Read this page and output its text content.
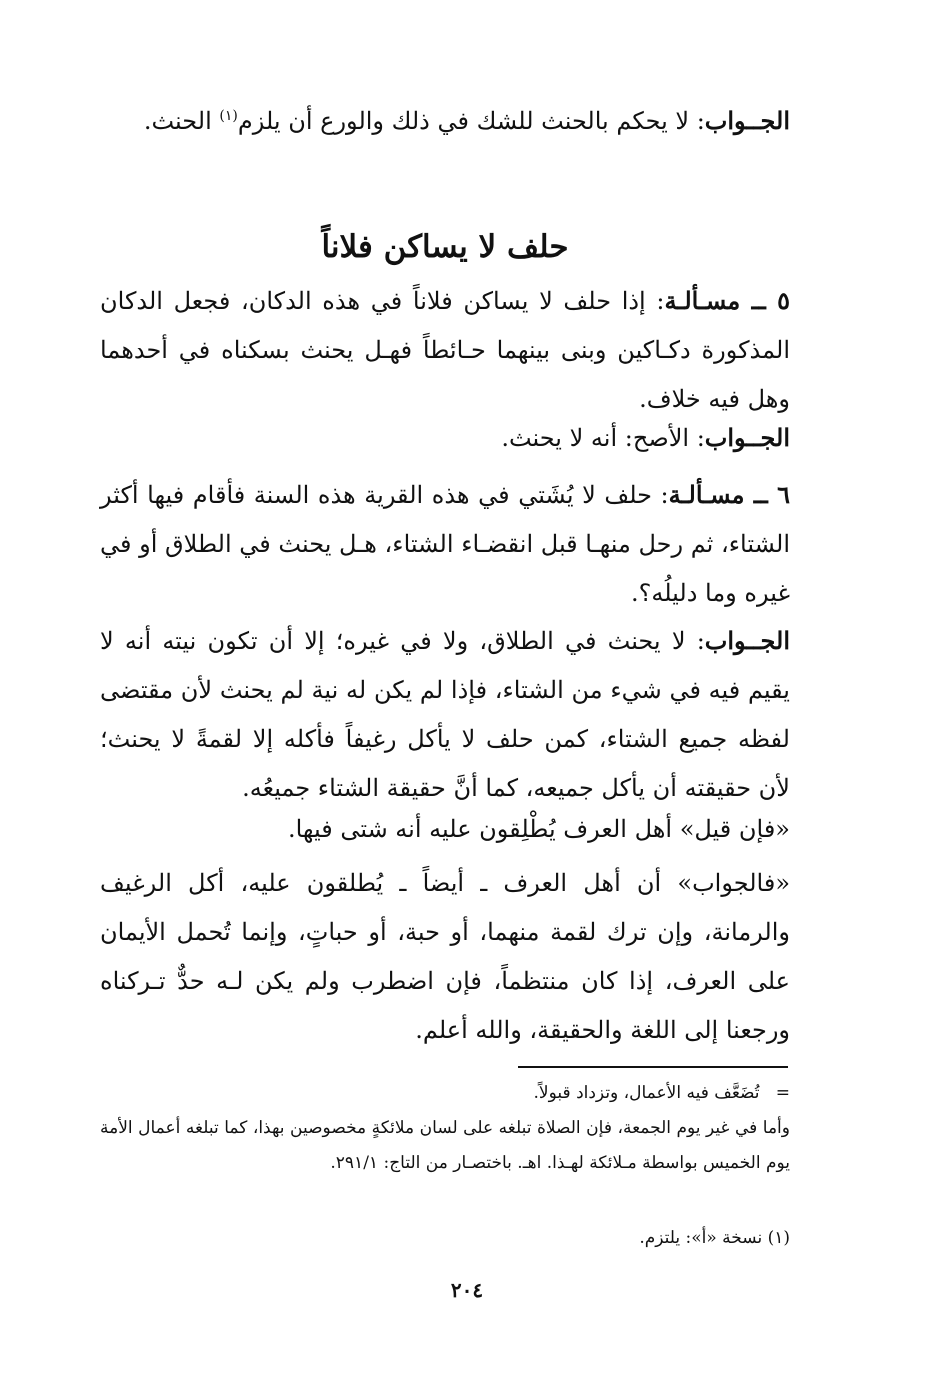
الجــواب: لا يحكم بالحنث للشك في ذلك والورع أن يلزم$^{(١)}$ الحنث.

حلف لا يساكن فلاناً

٥ ــ مسـألـة: إذا حلف لا يساكن فلاناً في هذه الدكان، فجعل الدكان المذكورة دكـاكين وبنى بينهما حـائطاً فهـل يحنث بسكناه في أحدهما وهل فيه خلاف.

الجــواب: الأصح: أنه لا يحنث.

٦ ــ مسـألـة: حلف لا يُشَتي في هذه القرية هذه السنة فأقام فيها أكثر الشتاء، ثم رحل منهـا قبل انقضـاء الشتاء، هـل يحنث في الطلاق أو في غيره وما دليلُه؟.

الجــواب: لا يحنث في الطلاق، ولا في غيره؛ إلا أن تكون نيته أنه لا يقيم فيه في شيء من الشتاء، فإذا لم يكن له نية لم يحنث لأن مقتضى لفظه جميع الشتاء، كمن حلف لا يأكل رغيفاً فأكله إلا لقمةً لا يحنث؛ لأن حقيقته أن يأكل جميعه، كما أنَّ حقيقة الشتاء جميعُه.

«فإن قيل» أهل العرف يُطْلِقون عليه أنه شتى فيها.

«فالجواب» أن أهل العرف ـ أيضاً ـ يُطلقون عليه، أكل الرغيف والرمانة، وإن ترك لقمة منهما، أو حبة، أو حباتٍ، وإنما تُحمل الأيمان على العرف، إذا كان منتظماً، فإن اضطرب ولم يكن لـه حدٌّ تـركناه ورجعنا إلى اللغة والحقيقة، والله أعلم.

=   تُضَعَّف فيه الأعمال، وتزداد قبولاً.

وأما في غير يوم الجمعة، فإن الصلاة تبلغه على لسان ملائكةٍ مخصوصين بهذا، كما تبلغه أعمال الأمة يوم الخميس بواسطة مـلائكة لهـذا. اهـ. باختصـار من التاج: ٢٩١/١.

(١) نسخة «أ»: يلتزم.

٢٠٤
